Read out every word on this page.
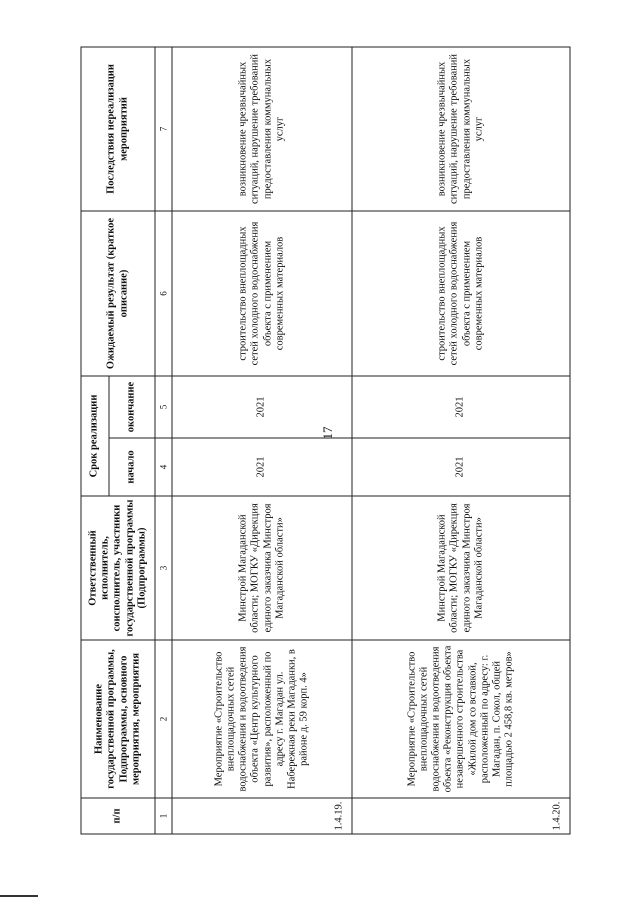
17
п/п	Наименование государственной программы, Подпрограммы, основного мероприятия, мероприятия	Ответственный исполнитель, соисполнитель, участники государственной программы (Подпрограммы)	Срок реализации		Ожидаемый результат (краткое описание)	Последствия нереализации мероприятий
			начало	окончание		
1	2	3	4	5	6	7
1.4.19.	Мероприятие «Строительство внеплощадочных сетей водоснабжения и водоотведения объекта «Центр культурного развития», расположенный по адресу г. Магадан ул. Набережная реки Магаданки, в районе д. 59 корп. 4»	Минстрой Магаданской области; МОГКУ «Дирекция единого заказчика Минстроя Магаданской области»	2021	2021	строительство внеплощадных сетей холодного водоснабжения объекта с применением современных материалов	возникновение чрезвычайных ситуаций, нарушение требований предоставления коммунальных услуг
1.4.20.	Мероприятие «Строительство внеплощадочных сетей водоснабжения и водоотведения объекта «Реконструкция объекта незавершенного строительства «Жилой дом со вставкой, расположенный по адресу: г. Магадан, п. Сокол, общей площадью 2 458,8 кв. метров»	Минстрой Магаданской области; МОГКУ «Дирекция единого заказчика Минстроя Магаданской области»	2021	2021	строительство внеплощадных сетей холодного водоснабжения объекта с применением современных материалов	возникновение чрезвычайных ситуаций, нарушение требований предоставления коммунальных услуг
